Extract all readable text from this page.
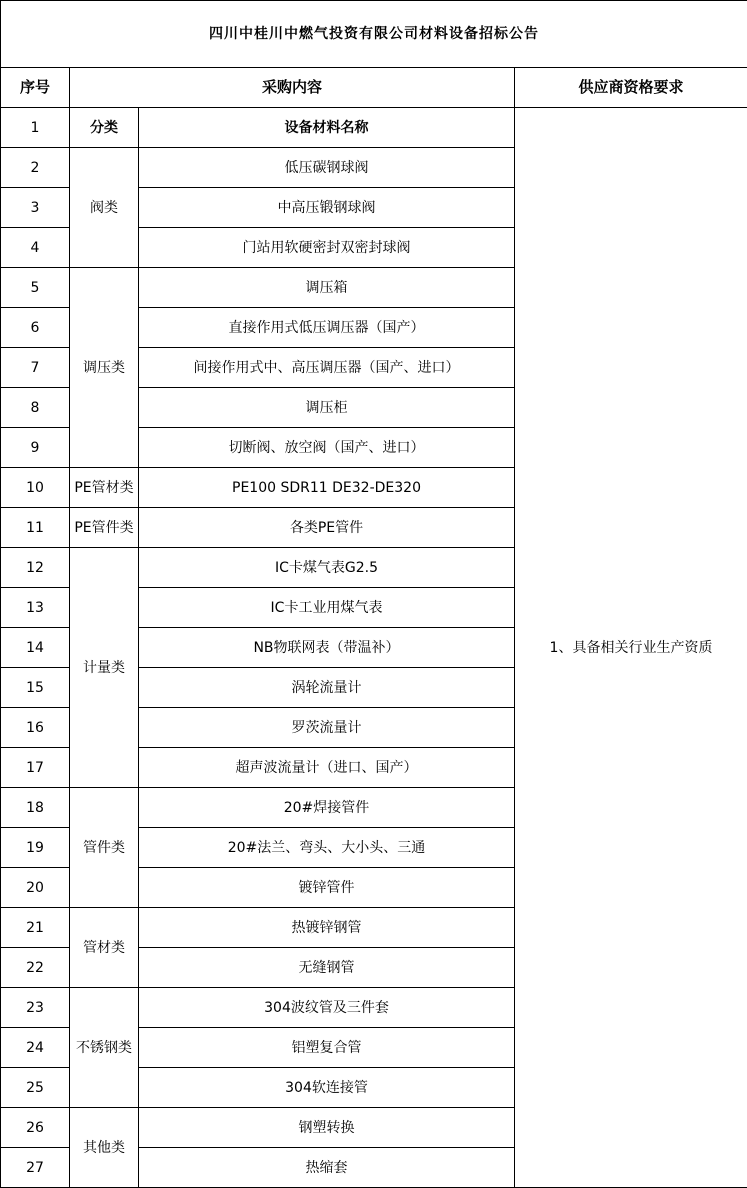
四川中桂川中燃气投资有限公司材料设备招标公告			
序号	采购内容		供应商资格要求
1	分类	设备材料名称	1、具备相关行业生产资质
2	阀类	低压碳钢球阀	
3		中高压锻钢球阀	
4		门站用软硬密封双密封球阀	
5	调压类	调压箱	
6		直接作用式低压调压器（国产）	
7		间接作用式中、高压调压器（国产、进口）	
8		调压柜	
9		切断阀、放空阀（国产、进口）	
10	PE管材类	PE100 SDR11 DE32-DE320	
11	PE管件类	各类PE管件	
12	计量类	IC卡煤气表G2.5	
13		IC卡工业用煤气表	
14		NB物联网表（带温补）	
15		涡轮流量计	
16		罗茨流量计	
17		超声波流量计（进口、国产）	
18	管件类	20#焊接管件	
19		20#法兰、弯头、大小头、三通	
20		镀锌管件	
21	管材类	热镀锌钢管	
22		无缝钢管	
23	不锈钢类	304波纹管及三件套	
24		铝塑复合管	
25		304软连接管	
26	其他类	钢塑转换	
27		热缩套	
